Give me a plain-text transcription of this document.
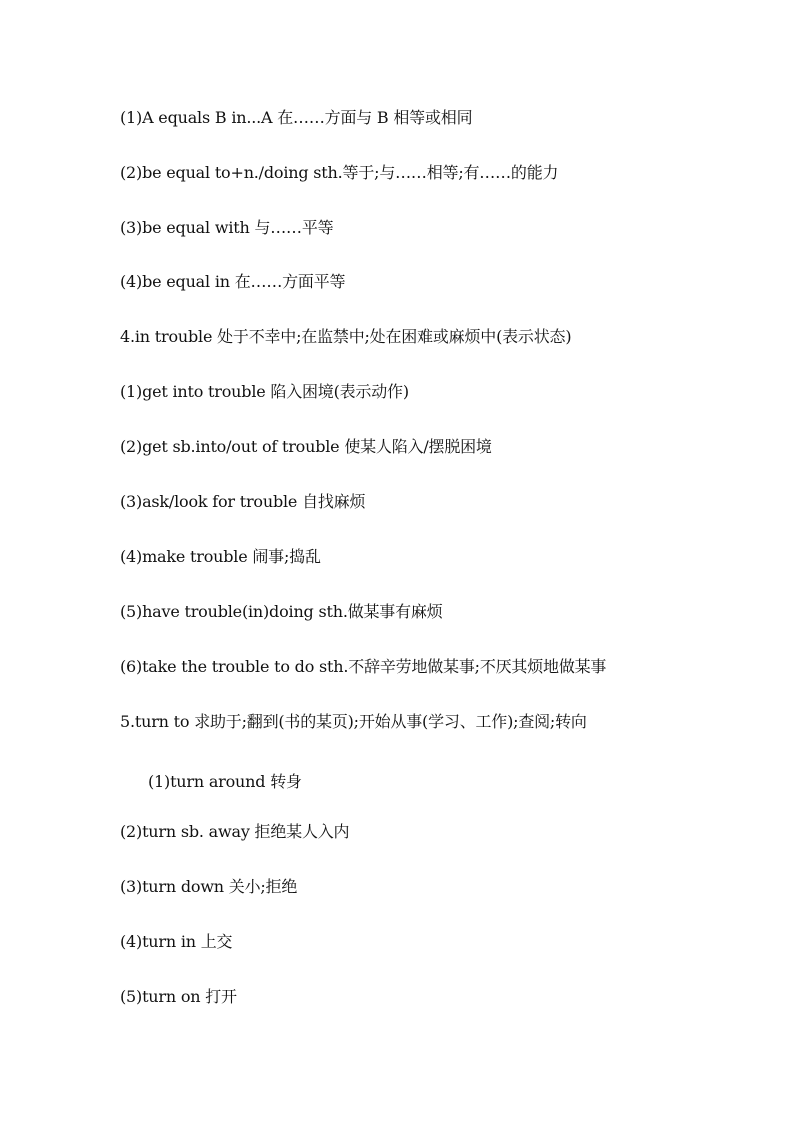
(1)A equals B in...A 在……方面与 B 相等或相同
(2)be equal to+n./doing sth.等于;与……相等;有……的能力
(3)be equal with 与……平等
(4)be equal in 在……方面平等
4.in trouble 处于不幸中;在监禁中;处在困难或麻烦中(表示状态)
(1)get into trouble 陷入困境(表示动作)
(2)get sb.into/out of trouble 使某人陷入/摆脱困境
(3)ask/look for trouble 自找麻烦
(4)make trouble 闹事;捣乱
(5)have trouble(in)doing sth.做某事有麻烦
(6)take the trouble to do sth.不辞辛劳地做某事;不厌其烦地做某事
5.turn to 求助于;翻到(书的某页);开始从事(学习、工作);查阅;转向
(1)turn around 转身
(2)turn sb. away 拒绝某人入内
(3)turn down 关小;拒绝
(4)turn in 上交
(5)turn on 打开
